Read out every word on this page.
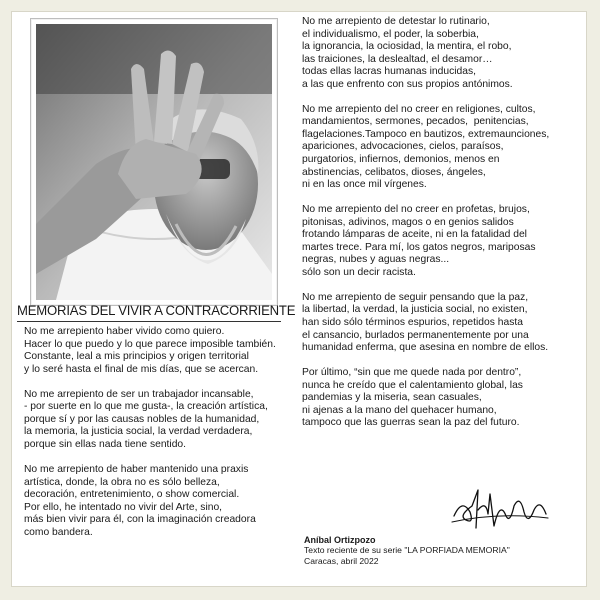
MEMORIAS DEL VIVIR A CONTRACORRIENTE

No me arrepiento haber vivido como quiero.

Hacer lo que puedo y lo que parece imposible también.

Constante, leal a mis principios y origen territorial

y lo seré hasta el final de mis días, que se acercan.

No me arrepiento de ser un trabajador incansable,

- por suerte en lo que me gusta-, la creación artística,

porque sí y por las causas nobles de la humanidad,

la memoria, la justicia social, la verdad verdadera,

porque sin ellas nada tiene sentido.

No me arrepiento de haber mantenido una praxis

artística, donde, la obra no es sólo belleza,

decoración, entretenimiento, o show comercial.

Por ello, he intentado no vivir del Arte, sino,

más bien vivir para él, con la imaginación creadora

como bandera.

No me arrepiento de detestar lo rutinario,

el individualismo, el poder, la soberbia,

la ignorancia, la ociosidad, la mentira, el robo,

las traiciones, la deslealtad, el desamor…

todas ellas lacras humanas inducidas,

a las que enfrento con sus propios antónimos.

No me arrepiento del no creer en religiones, cultos,

mandamientos, sermones, pecados,  penitencias,

flagelaciones.Tampoco en bautizos, extremaunciones,

apariciones, advocaciones, cielos, paraísos,

purgatorios, infiernos, demonios, menos en

abstinencias, celibatos, dioses, ángeles,

ni en las once mil vírgenes.

No me arrepiento del no creer en profetas, brujos,

pitonisas, adivinos, magos o en genios salidos

frotando lámparas de aceite, ni en la fatalidad del

martes trece. Para mí, los gatos negros, mariposas

negras, nubes y aguas negras...

sólo son un decir racista.

No me arrepiento de seguir pensando que la paz,

la libertad, la verdad, la justicia social, no existen,

han sido sólo términos espurios, repetidos hasta

el cansancio, burlados permanentemente por una

humanidad enferma, que asesina en nombre de ellos.

Por último, “sin que me quede nada por dentro”,

nunca he creído que el calentamiento global, las

pandemias y la miseria, sean casuales,

ni ajenas a la mano del quehacer humano,

tampoco que las guerras sean la paz del futuro.

Aníbal Ortizpozo

Texto reciente de su serie "LA PORFIADA MEMORIA"

Caracas, abril 2022
